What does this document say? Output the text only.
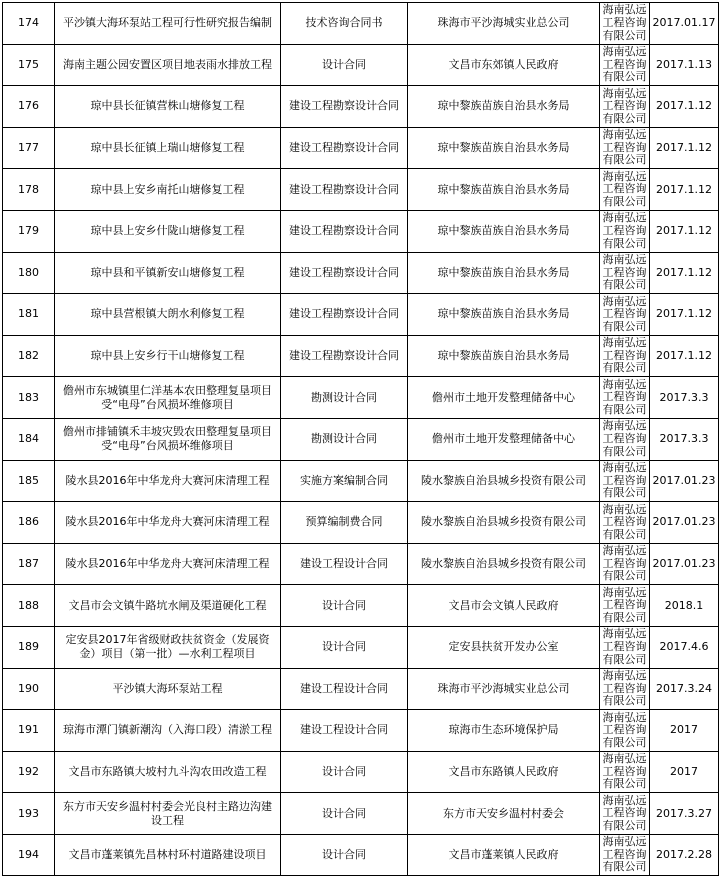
174	平沙镇大海环泵站工程可行性研究报告编制	技术咨询合同书	珠海市平沙海城实业总公司	海南弘远工程咨询有限公司	2017.01.17
175	海南主题公园安置区项目地表雨水排放工程	设计合同	文昌市东郊镇人民政府	海南弘远工程咨询有限公司	2017.1.13
176	琼中县长征镇营株山塘修复工程	建设工程勘察设计合同	琼中黎族苗族自治县水务局	海南弘远工程咨询有限公司	2017.1.12
177	琼中县长征镇上瑞山塘修复工程	建设工程勘察设计合同	琼中黎族苗族自治县水务局	海南弘远工程咨询有限公司	2017.1.12
178	琼中县上安乡南托山塘修复工程	建设工程勘察设计合同	琼中黎族苗族自治县水务局	海南弘远工程咨询有限公司	2017.1.12
179	琼中县上安乡什陇山塘修复工程	建设工程勘察设计合同	琼中黎族苗族自治县水务局	海南弘远工程咨询有限公司	2017.1.12
180	琼中县和平镇新安山塘修复工程	建设工程勘察设计合同	琼中黎族苗族自治县水务局	海南弘远工程咨询有限公司	2017.1.12
181	琼中县营根镇大朗水利修复工程	建设工程勘察设计合同	琼中黎族苗族自治县水务局	海南弘远工程咨询有限公司	2017.1.12
182	琼中县上安乡行干山塘修复工程	建设工程勘察设计合同	琼中黎族苗族自治县水务局	海南弘远工程咨询有限公司	2017.1.12
183	儋州市东城镇里仁洋基本农田整理复垦项目受“电母”台风损坏维修项目	勘测设计合同	儋州市土地开发整理储备中心	海南弘远工程咨询有限公司	2017.3.3
184	儋州市排铺镇禾丰坡灾毁农田整理复垦项目受“电母”台风损坏维修项目	勘测设计合同	儋州市土地开发整理储备中心	海南弘远工程咨询有限公司	2017.3.3
185	陵水县2016年中华龙舟大赛河床清理工程	实施方案编制合同	陵水黎族自治县城乡投资有限公司	海南弘远工程咨询有限公司	2017.01.23
186	陵水县2016年中华龙舟大赛河床清理工程	预算编制费合同	陵水黎族自治县城乡投资有限公司	海南弘远工程咨询有限公司	2017.01.23
187	陵水县2016年中华龙舟大赛河床清理工程	建设工程设计合同	陵水黎族自治县城乡投资有限公司	海南弘远工程咨询有限公司	2017.01.23
188	文昌市会文镇牛路坑水闸及渠道硬化工程	设计合同	文昌市会文镇人民政府	海南弘远工程咨询有限公司	2018.1
189	定安县2017年省级财政扶贫资金（发展资金）项目（第一批）—水利工程项目	设计合同	定安县扶贫开发办公室	海南弘远工程咨询有限公司	2017.4.6
190	平沙镇大海环泵站工程	建设工程设计合同	珠海市平沙海城实业总公司	海南弘远工程咨询有限公司	2017.3.24
191	琼海市潭门镇新潮沟（入海口段）清淤工程	建设工程设计合同	琼海市生态环境保护局	海南弘远工程咨询有限公司	2017
192	文昌市东路镇大坡村九斗沟农田改造工程	设计合同	文昌市东路镇人民政府	海南弘远工程咨询有限公司	2017
193	东方市天安乡温村村委会光良村主路边沟建设工程	设计合同	东方市天安乡温村村委会	海南弘远工程咨询有限公司	2017.3.27
194	文昌市蓬莱镇先昌林村环村道路建设项目	设计合同	文昌市蓬莱镇人民政府	海南弘远工程咨询有限公司	2017.2.28
